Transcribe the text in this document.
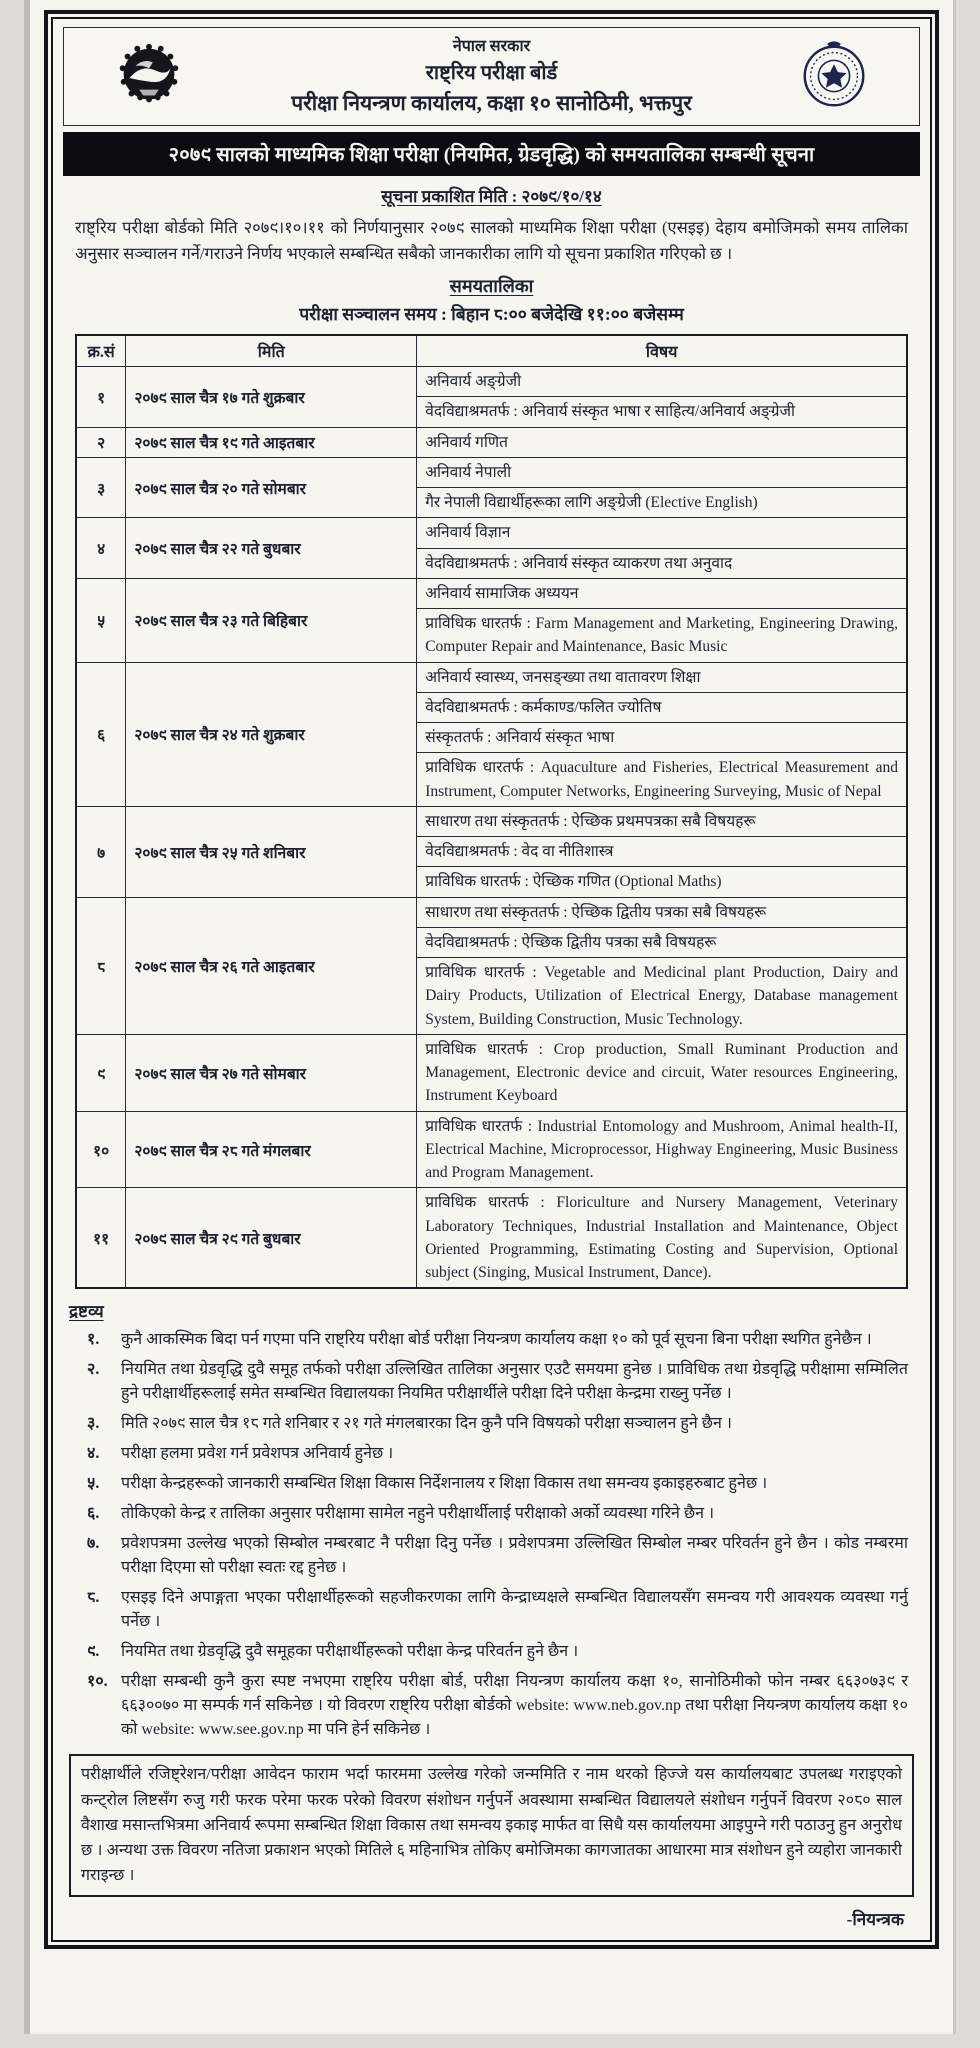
नेपाल सरकार
राष्ट्रिय परीक्षा बोर्ड
परीक्षा नियन्त्रण कार्यालय, कक्षा १० सानोठिमी, भक्तपुर
२०७९ सालको माध्यमिक शिक्षा परीक्षा (नियमित, ग्रेडवृद्धि) को समयतालिका सम्बन्धी सूचना
सूचना प्रकाशित मिति : २०७९/१०/१४
राष्ट्रिय परीक्षा बोर्डको मिति २०७९।१०।११ को निर्णयानुसार २०७९ सालको माध्यमिक शिक्षा परीक्षा (एसइइ) देहाय बमोजिमको समय तालिका अनुसार सञ्चालन गर्ने/गराउने निर्णय भएकाले सम्बन्धित सबैको जानकारीका लागि यो सूचना प्रकाशित गरिएको छ ।
समयतालिका
परीक्षा सञ्चालन समय : बिहान ८:०० बजेदेखि ११:०० बजेसम्म
क्र.सं	मिति	विषय
१	२०७९ साल चैत्र १७ गते शुक्रबार	अनिवार्य अङ्ग्रेजी
		वेदविद्याश्रमतर्फ : अनिवार्य संस्कृत भाषा र साहित्य/अनिवार्य अङ्ग्रेजी
२	२०७९ साल चैत्र १९ गते आइतबार	अनिवार्य गणित
३	२०७९ साल चैत्र २० गते सोमबार	अनिवार्य नेपाली
		गैर नेपाली विद्यार्थीहरूका लागि अङ्ग्रेजी (Elective English)
४	२०७९ साल चैत्र २२ गते बुधबार	अनिवार्य विज्ञान
		वेदविद्याश्रमतर्फ : अनिवार्य संस्कृत व्याकरण तथा अनुवाद
५	२०७९ साल चैत्र २३ गते बिहिबार	अनिवार्य सामाजिक अध्ययन
		प्राविधिक धारतर्फ : Farm Management and Marketing, Engineering Drawing, Computer Repair and Maintenance, Basic Music
६	२०७९ साल चैत्र २४ गते शुक्रबार	अनिवार्य स्वास्थ्य, जनसङ्ख्या तथा वातावरण शिक्षा
		वेदविद्याश्रमतर्फ : कर्मकाण्ड/फलित ज्योतिष
		संस्कृततर्फ : अनिवार्य संस्कृत भाषा
		प्राविधिक धारतर्फ : Aquaculture and Fisheries, Electrical Measurement and Instrument, Computer Networks, Engineering Surveying, Music of Nepal
७	२०७९ साल चैत्र २५ गते शनिबार	साधारण तथा संस्कृततर्फ : ऐच्छिक प्रथमपत्रका सबै विषयहरू
		वेदविद्याश्रमतर्फ : वेद वा नीतिशास्त्र
		प्राविधिक धारतर्फ : ऐच्छिक गणित (Optional Maths)
८	२०७९ साल चैत्र २६ गते आइतबार	साधारण तथा संस्कृततर्फ : ऐच्छिक द्वितीय पत्रका सबै विषयहरू
		वेदविद्याश्रमतर्फ : ऐच्छिक द्वितीय पत्रका सबै विषयहरू
		प्राविधिक धारतर्फ : Vegetable and Medicinal plant Production, Dairy and Dairy Products, Utilization of Electrical Energy, Database management System, Building Construction, Music Technology.
९	२०७९ साल चैत्र २७ गते सोमबार	प्राविधिक धारतर्फ : Crop production, Small Ruminant Production and Management, Electronic device and circuit, Water resources Engineering, Instrument Keyboard
१०	२०७९ साल चैत्र २८ गते मंगलबार	प्राविधिक धारतर्फ : Industrial Entomology and Mushroom, Animal health-II, Electrical Machine, Microprocessor, Highway Engineering, Music Business and Program Management.
११	२०७९ साल चैत्र २९ गते बुधबार	प्राविधिक धारतर्फ : Floriculture and Nursery Management, Veterinary Laboratory Techniques, Industrial Installation and Maintenance, Object Oriented Programming, Estimating Costing and Supervision, Optional subject (Singing, Musical Instrument, Dance).
द्रष्टव्य
१.	कुनै आकस्मिक बिदा पर्न गएमा पनि राष्ट्रिय परीक्षा बोर्ड परीक्षा नियन्त्रण कार्यालय कक्षा १० को पूर्व सूचना बिना परीक्षा स्थगित हुनेछैन ।
२.	नियमित तथा ग्रेडवृद्धि दुवै समूह तर्फको परीक्षा उल्लिखित तालिका अनुसार एउटै समयमा हुनेछ । प्राविधिक तथा ग्रेडवृद्धि परीक्षामा सम्मिलित हुने परीक्षार्थीहरूलाई समेत सम्बन्धित विद्यालयका नियमित परीक्षार्थीले परीक्षा दिने परीक्षा केन्द्रमा राख्नु पर्नेछ ।
३.	मिति २०७९ साल चैत्र १८ गते शनिबार र २१ गते मंगलबारका दिन कुनै पनि विषयको परीक्षा सञ्चालन हुने छैन ।
४.	परीक्षा हलमा प्रवेश गर्न प्रवेशपत्र अनिवार्य हुनेछ ।
५.	परीक्षा केन्द्रहरूको जानकारी सम्बन्धित शिक्षा विकास निर्देशनालय र शिक्षा विकास तथा समन्वय इकाइहरुबाट हुनेछ ।
६.	तोकिएको केन्द्र र तालिका अनुसार परीक्षामा सामेल नहुने परीक्षार्थीलाई परीक्षाको अर्को व्यवस्था गरिने छैन ।
७.	प्रवेशपत्रमा उल्लेख भएको सिम्बोल नम्बरबाट नै परीक्षा दिनु पर्नेछ । प्रवेशपत्रमा उल्लिखित सिम्बोल नम्बर परिवर्तन हुने छैन । कोड नम्बरमा परीक्षा दिएमा सो परीक्षा स्वतः रद्द हुनेछ ।
८.	एसइइ दिने अपाङ्गता भएका परीक्षार्थीहरूको सहजीकरणका लागि केन्द्राध्यक्षले सम्बन्धित विद्यालयसँग समन्वय गरी आवश्यक व्यवस्था गर्नु पर्नेछ ।
९.	नियमित तथा ग्रेडवृद्धि दुवै समूहका परीक्षार्थीहरूको परीक्षा केन्द्र परिवर्तन हुने छैन ।
१०. परीक्षा सम्बन्धी कुनै कुरा स्पष्ट नभएमा राष्ट्रिय परीक्षा बोर्ड, परीक्षा नियन्त्रण कार्यालय कक्षा १०, सानोठिमीको फोन नम्बर ६६३०७३९ र ६६३००७० मा सम्पर्क गर्न सकिनेछ । यो विवरण राष्ट्रिय परीक्षा बोर्डको website: www.neb.gov.np तथा परीक्षा नियन्त्रण कार्यालय कक्षा १० को website: www.see.gov.np मा पनि हेर्न सकिनेछ ।
परीक्षार्थीले रजिष्ट्रेशन/परीक्षा आवेदन फाराम भर्दा फारममा उल्लेख गरेको जन्ममिति र नाम थरको हिज्जे यस कार्यालयबाट उपलब्ध गराइएको कन्ट्रोल लिष्टसँग रुजु गरी फरक परेमा फरक परेको विवरण संशोधन गर्नुपर्ने अवस्थामा सम्बन्धित विद्यालयले संशोधन गर्नुपर्ने विवरण २०८० साल वैशाख मसान्तभित्रमा अनिवार्य रूपमा सम्बन्धित शिक्षा विकास तथा समन्वय इकाइ मार्फत वा सिधै यस कार्यालयमा आइपुग्ने गरी पठाउनु हुन अनुरोध छ । अन्यथा उक्त विवरण नतिजा प्रकाशन भएको मितिले ६ महिनाभित्र तोकिए बमोजिमका कागजातका आधारमा मात्र संशोधन हुने व्यहोरा जानकारी गराइन्छ ।
-नियन्त्रक
